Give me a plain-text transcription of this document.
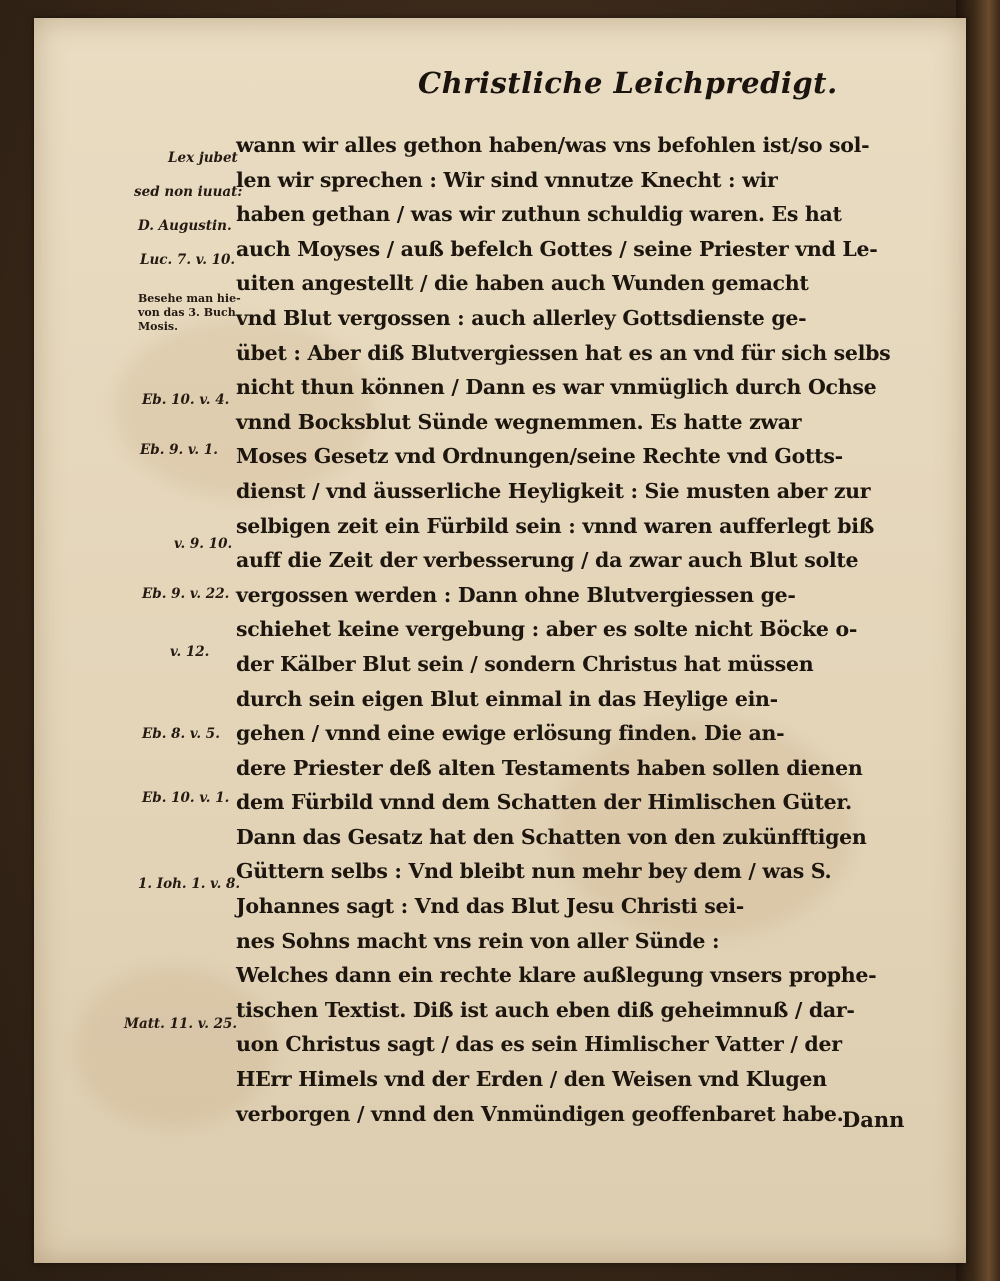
Christliche Leichpredigt.
Lex jubet
sed non iuuat:
D. Augustin.
Luc. 7. v. 10.
Besehe man hie-
von das 3. Buch
Mosis.
Eb. 10. v. 4.
Eb. 9. v. 1.
v. 9. 10.
Eb. 9. v. 22.
v. 12.
Eb. 8. v. 5.
Eb. 10. v. 1.
1. Ioh. 1. v. 8.
Matt. 11. v. 25.
wann wir alles gethon haben/was vns befohlen ist/so sol-
len wir sprechen : Wir sind vnnutze Knecht : wir
haben gethan / was wir zuthun schuldig waren. Es hat
auch Moyses / auß befelch Gottes / seine Priester vnd Le-
uiten angestellt / die haben auch Wunden gemacht
vnd Blut vergossen : auch allerley Gottsdienste ge-
übet : Aber diß Blutvergiessen hat es an vnd für sich selbs
nicht thun können / Dann es war vnmüglich durch Ochse
vnnd Bocksblut Sünde wegnemmen. Es hatte zwar
Moses Gesetz vnd Ordnungen/seine Rechte vnd Gotts-
dienst / vnd äusserliche Heyligkeit : Sie musten aber zur
selbigen zeit ein Fürbild sein : vnnd waren aufferlegt biß
auff die Zeit der verbesserung / da zwar auch Blut solte
vergossen werden : Dann ohne Blutvergiessen ge-
schiehet keine vergebung : aber es solte nicht Böcke o-
der Kälber Blut sein / sondern Christus hat müssen
durch sein eigen Blut einmal in das Heylige ein-
gehen / vnnd eine ewige erlösung finden. Die an-
dere Priester deß alten Testaments haben sollen dienen
dem Fürbild vnnd dem Schatten der Himlischen Güter.
Dann das Gesatz hat den Schatten von den zukünfftigen
Güttern selbs : Vnd bleibt nun mehr bey dem / was S.
Johannes sagt : Vnd das Blut Jesu Christi sei-
nes Sohns macht vns rein von aller Sünde :
Welches dann ein rechte klare außlegung vnsers prophe-
tischen Textist. Diß ist auch eben diß geheimnuß / dar-
uon Christus sagt / das es sein Himlischer Vatter / der
HErr Himels vnd der Erden / den Weisen vnd Klugen
verborgen / vnnd den Vnmündigen geoffenbaret habe.
Dann
